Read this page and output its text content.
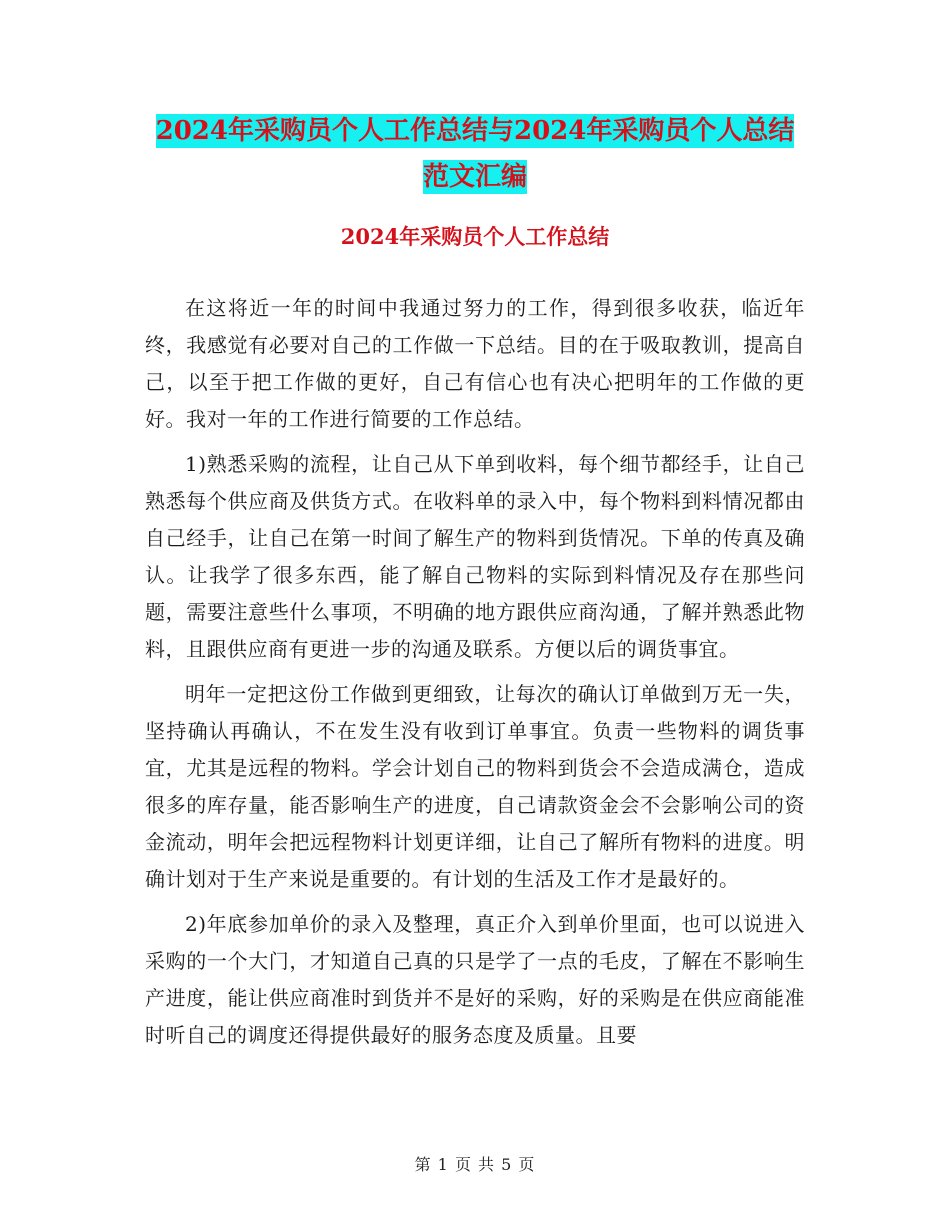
2024年采购员个人工作总结与2024年采购员个人总结
范文汇编
2024年采购员个人工作总结

在这将近一年的时间中我通过努力的工作，得到很多收获，临近年终，我感觉有必要对自己的工作做一下总结。目的在于吸取教训，提高自己，以至于把工作做的更好，自己有信心也有决心把明年的工作做的更好。我对一年的工作进行简要的工作总结。

1)熟悉采购的流程，让自己从下单到收料，每个细节都经手，让自己熟悉每个供应商及供货方式。在收料单的录入中，每个物料到料情况都由自己经手，让自己在第一时间了解生产的物料到货情况。下单的传真及确认。让我学了很多东西，能了解自己物料的实际到料情况及存在那些问题，需要注意些什么事项，不明确的地方跟供应商沟通，了解并熟悉此物料，且跟供应商有更进一步的沟通及联系。方便以后的调货事宜。

明年一定把这份工作做到更细致，让每次的确认订单做到万无一失，坚持确认再确认，不在发生没有收到订单事宜。负责一些物料的调货事宜，尤其是远程的物料。学会计划自己的物料到货会不会造成满仓，造成很多的库存量，能否影响生产的进度，自己请款资金会不会影响公司的资金流动，明年会把远程物料计划更详细，让自己了解所有物料的进度。明确计划对于生产来说是重要的。有计划的生活及工作才是最好的。

2)年底参加单价的录入及整理，真正介入到单价里面，也可以说进入采购的一个大门，才知道自己真的只是学了一点的毛皮，了解在不影响生产进度，能让供应商准时到货并不是好的采购，好的采购是在供应商能准时听自己的调度还得提供最好的服务态度及质量。且要

第 1 页 共 5 页
